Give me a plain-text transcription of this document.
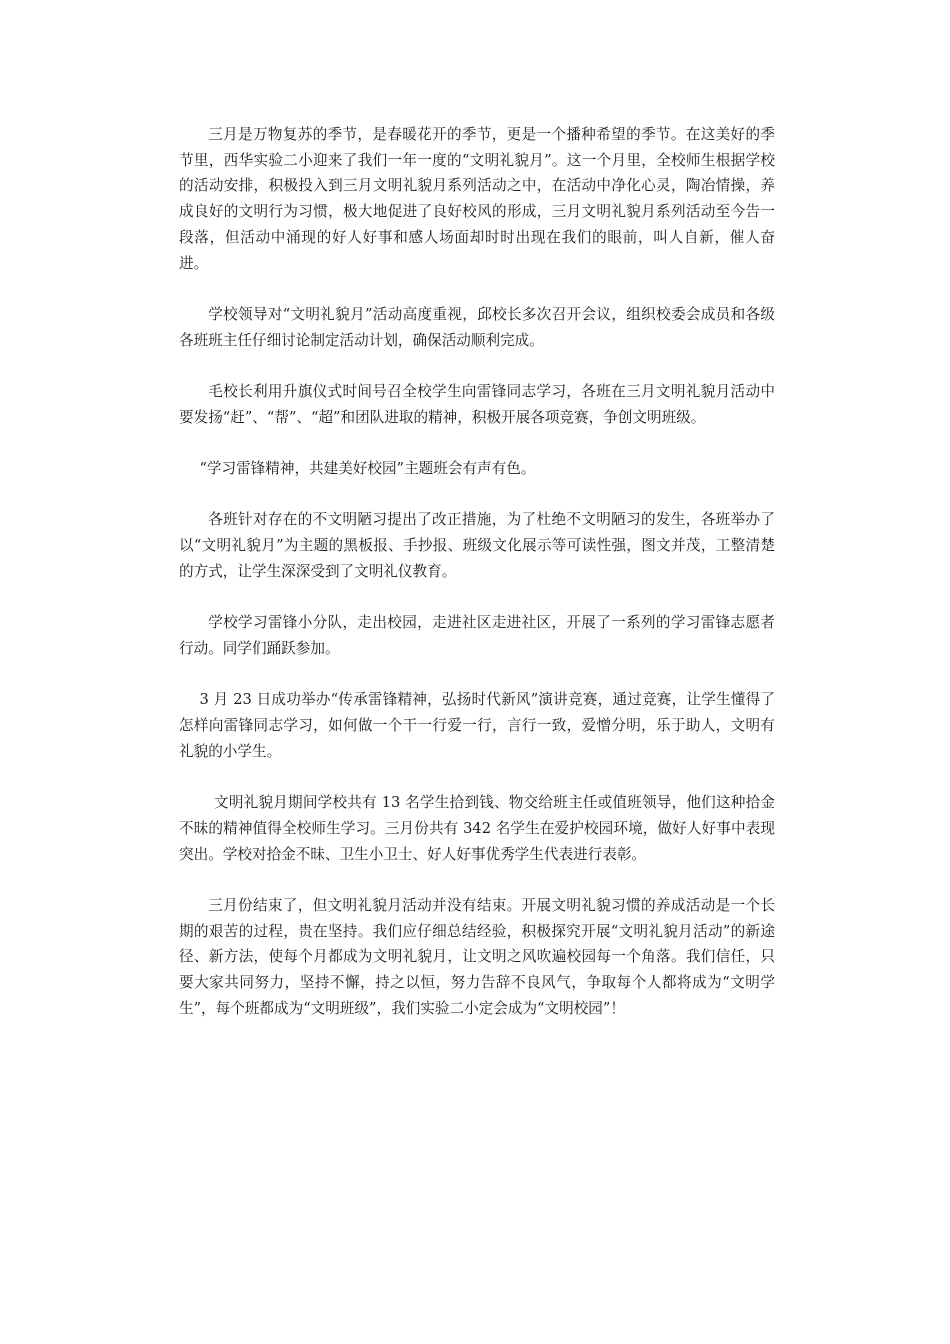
三月是万物复苏的季节，是春暖花开的季节，更是一个播种希望的季节。在这美好的季节里，西华实验二小迎来了我们一年一度的“文明礼貌月”。这一个月里，全校师生根据学校的活动安排，积极投入到三月文明礼貌月系列活动之中，在活动中净化心灵，陶冶情操，养成良好的文明行为习惯，极大地促进了良好校风的形成，三月文明礼貌月系列活动至今告一段落，但活动中涌现的好人好事和感人场面却时时出现在我们的眼前，叫人自新，催人奋进。

学校领导对“文明礼貌月”活动高度重视，邱校长多次召开会议，组织校委会成员和各级各班班主任仔细讨论制定活动计划，确保活动顺利完成。

毛校长利用升旗仪式时间号召全校学生向雷锋同志学习，各班在三月文明礼貌月活动中要发扬“赶”、“帮”、“超”和团队进取的精神，积极开展各项竞赛，争创文明班级。

“学习雷锋精神，共建美好校园”主题班会有声有色。

各班针对存在的不文明陋习提出了改正措施，为了杜绝不文明陋习的发生，各班举办了以“文明礼貌月”为主题的黑板报、手抄报、班级文化展示等可读性强，图文并茂，工整清楚的方式，让学生深深受到了文明礼仪教育。

学校学习雷锋小分队，走出校园，走进社区走进社区，开展了一系列的学习雷锋志愿者行动。同学们踊跃参加。

3 月 23 日成功举办“传承雷锋精神，弘扬时代新风”演讲竞赛，通过竞赛，让学生懂得了怎样向雷锋同志学习，如何做一个干一行爱一行，言行一致，爱憎分明，乐于助人，文明有礼貌的小学生。

文明礼貌月期间学校共有 13 名学生拾到钱、物交给班主任或值班领导，他们这种拾金不昧的精神值得全校师生学习。三月份共有 342 名学生在爱护校园环境，做好人好事中表现突出。学校对拾金不昧、卫生小卫士、好人好事优秀学生代表进行表彰。

三月份结束了，但文明礼貌月活动并没有结束。开展文明礼貌习惯的养成活动是一个长期的艰苦的过程，贵在坚持。我们应仔细总结经验，积极探究开展“文明礼貌月活动”的新途径、新方法，使每个月都成为文明礼貌月，让文明之风吹遍校园每一个角落。我们信任，只要大家共同努力，坚持不懈，持之以恒，努力告辞不良风气，争取每个人都将成为“文明学生”，每个班都成为“文明班级”，我们实验二小定会成为“文明校园”！
